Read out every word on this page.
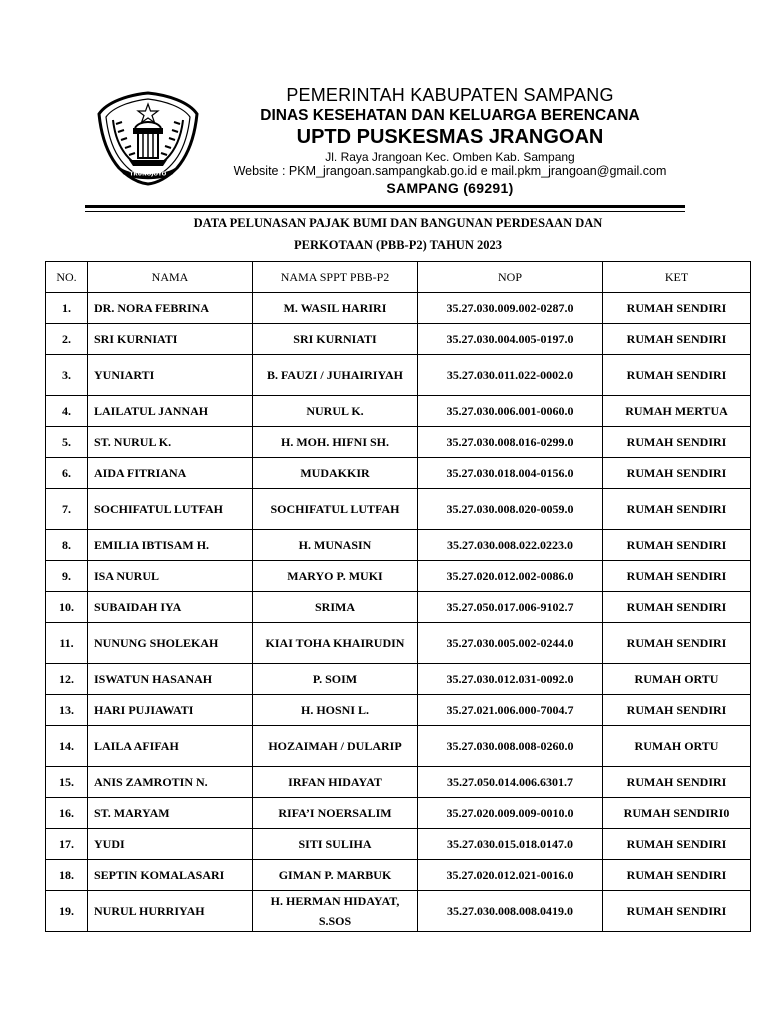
TRUNOJOYO
PEMERINTAH KABUPATEN SAMPANG
DINAS KESEHATAN DAN KELUARGA BERENCANA
UPTD PUSKESMAS JRANGOAN
Jl. Raya Jrangoan Kec. Omben Kab. Sampang
Website : PKM_jrangoan.sampangkab.go.id e mail.pkm_jrangoan@gmail.com
SAMPANG (69291)
DATA PELUNASAN PAJAK BUMI DAN BANGUNAN PERDESAAN DAN
PERKOTAAN (PBB-P2) TAHUN 2023
NO.	NAMA	NAMA SPPT PBB-P2	NOP	KET
1.	DR. NORA FEBRINA	M. WASIL HARIRI	35.27.030.009.002-0287.0	RUMAH SENDIRI
2.	SRI KURNIATI	SRI KURNIATI	35.27.030.004.005-0197.0	RUMAH SENDIRI
3.	YUNIARTI	B. FAUZI / JUHAIRIYAH	35.27.030.011.022-0002.0	RUMAH SENDIRI
4.	LAILATUL JANNAH	NURUL K.	35.27.030.006.001-0060.0	RUMAH MERTUA
5.	ST. NURUL K.	H. MOH. HIFNI SH.	35.27.030.008.016-0299.0	RUMAH SENDIRI
6.	AIDA FITRIANA	MUDAKKIR	35.27.030.018.004-0156.0	RUMAH SENDIRI
7.	SOCHIFATUL LUTFAH	SOCHIFATUL LUTFAH	35.27.030.008.020-0059.0	RUMAH SENDIRI
8.	EMILIA IBTISAM H.	H. MUNASIN	35.27.030.008.022.0223.0	RUMAH SENDIRI
9.	ISA NURUL	MARYO P. MUKI	35.27.020.012.002-0086.0	RUMAH SENDIRI
10.	SUBAIDAH IYA	SRIMA	35.27.050.017.006-9102.7	RUMAH SENDIRI
11.	NUNUNG SHOLEKAH	KIAI TOHA KHAIRUDIN	35.27.030.005.002-0244.0	RUMAH SENDIRI
12.	ISWATUN HASANAH	P. SOIM	35.27.030.012.031-0092.0	RUMAH ORTU
13.	HARI PUJIAWATI	H. HOSNI L.	35.27.021.006.000-7004.7	RUMAH SENDIRI
14.	LAILA AFIFAH	HOZAIMAH / DULARIP	35.27.030.008.008-0260.0	RUMAH ORTU
15.	ANIS ZAMROTIN N.	IRFAN HIDAYAT	35.27.050.014.006.6301.7	RUMAH SENDIRI
16.	ST. MARYAM	RIFA’I NOERSALIM	35.27.020.009.009-0010.0	RUMAH SENDIRI0
17.	YUDI	SITI SULIHA	35.27.030.015.018.0147.0	RUMAH SENDIRI
18.	SEPTIN KOMALASARI	GIMAN P. MARBUK	35.27.020.012.021-0016.0	RUMAH SENDIRI
19.	NURUL HURRIYAH	H. HERMAN HIDAYAT, S.SOS	35.27.030.008.008.0419.0	RUMAH SENDIRI
